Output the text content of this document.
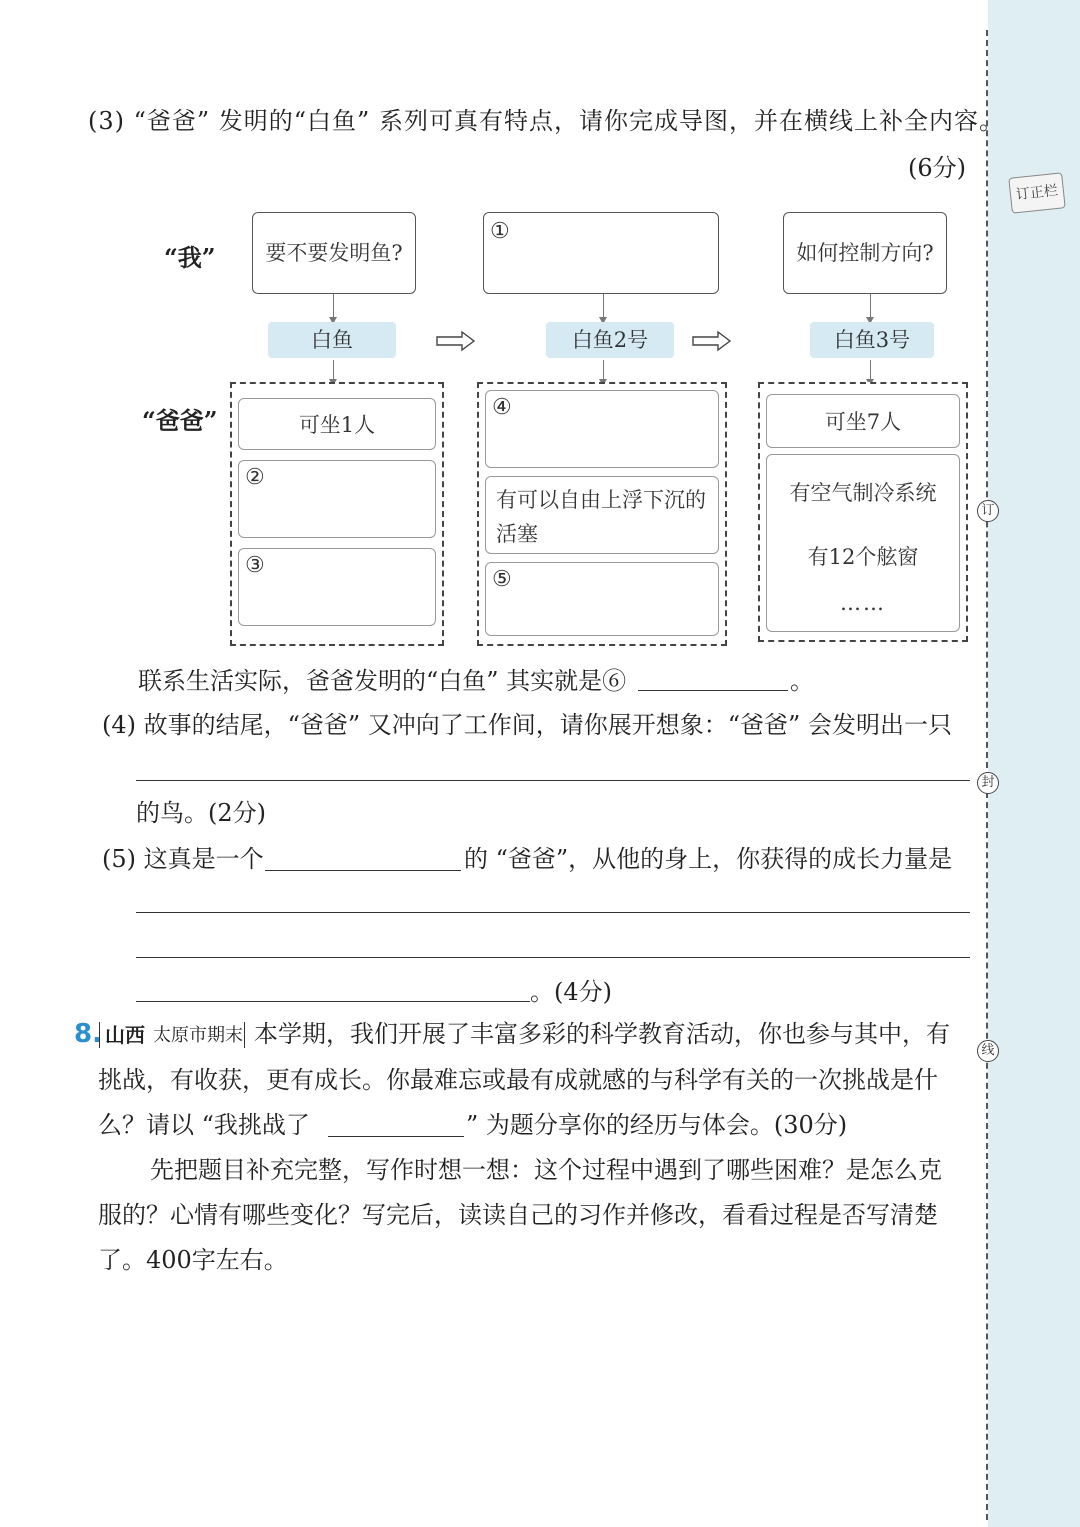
订正栏
订
封
线
(3) “爸爸” 发明的“白鱼” 系列可真有特点，请你完成导图，并在横线上补全内容。
(6分)
“我”
“爸爸”
要不要发明鱼?
①
如何控制方向?
白鱼	白鱼2号	白鱼3号
可坐1人
②
③
④
有可以自由上浮下沉的活塞
⑤
可坐7人
有空气制冷系统
有12个舷窗
……
联系生活实际，爸爸发明的“白鱼” 其实就是⑥	。
(4) 故事的结尾，“爸爸” 又冲向了工作间，请你展开想象：“爸爸” 会发明出一只
的鸟。(2分)
(5) 这真是一个	的 “爸爸”，从他的身上，你获得的成长力量是
。(4分)
8. 山西 太原市期末 本学期，我们开展了丰富多彩的科学教育活动，你也参与其中，有
挑战，有收获，更有成长。你最难忘或最有成就感的与科学有关的一次挑战是什
么？请以 “我挑战了	” 为题分享你的经历与体会。(30分)
先把题目补充完整，写作时想一想：这个过程中遇到了哪些困难？是怎么克
服的？心情有哪些变化？写完后，读读自己的习作并修改，看看过程是否写清楚
了。400字左右。
